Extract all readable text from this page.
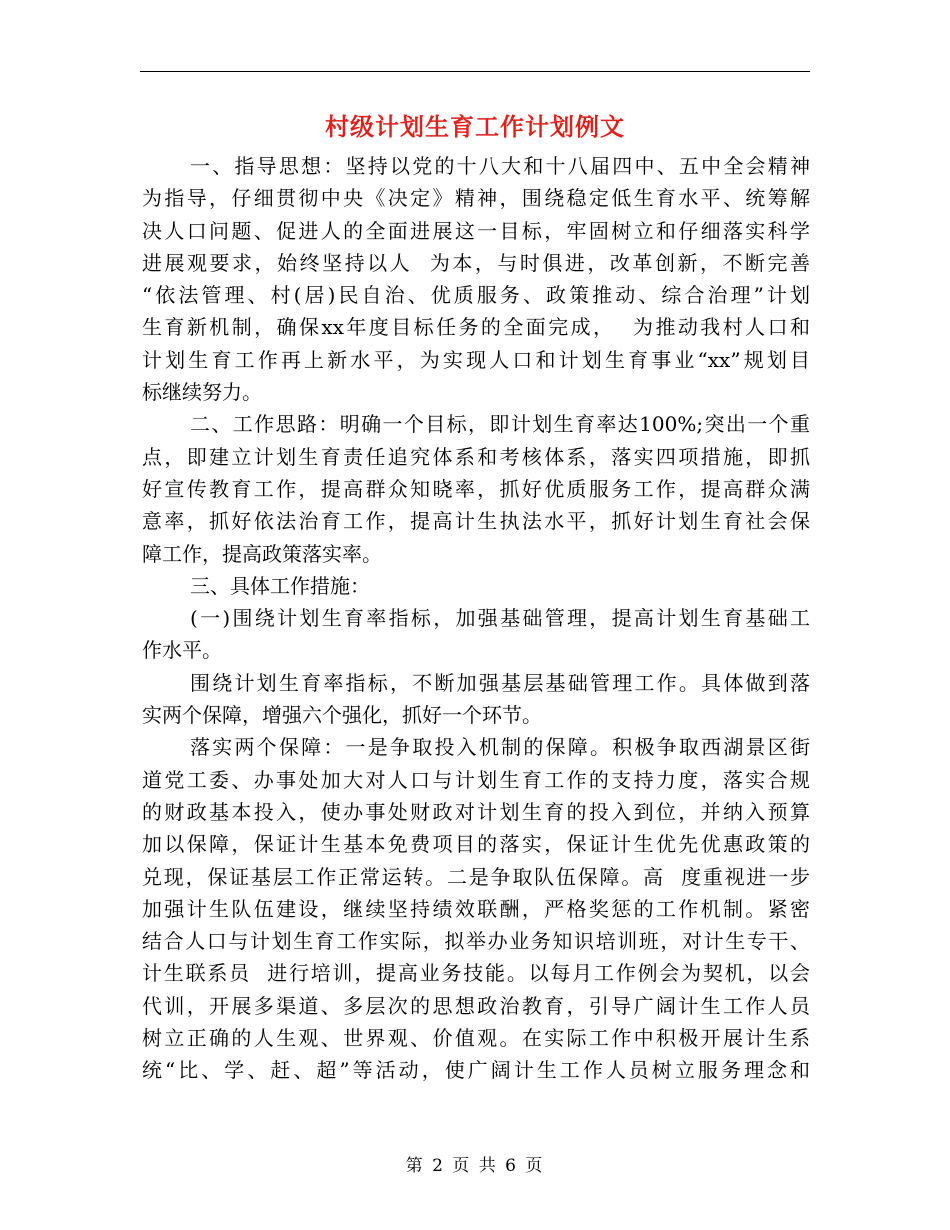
村级计划生育工作计划例文
一、指导思想：坚持以党的十八大和十八届四中、五中全会精神
为指导，仔细贯彻中央《决定》精神，围绕稳定低生育水平、统筹解
决人口问题、促进人的全面进展这一目标，牢固树立和仔细落实科学
进展观要求，始终坚持以人  为本，与时俱进，改革创新，不断完善
“依法管理、村(居)民自治、优质服务、政策推动、综合治理”计划
生育新机制，确保xx年度目标任务的全面完成，  为推动我村人口和
计划生育工作再上新水平，为实现人口和计划生育事业“xx”规划目
标继续努力。
二、工作思路：明确一个目标，即计划生育率达100%;突出一个重
点，即建立计划生育责任追究体系和考核体系，落实四项措施，即抓
好宣传教育工作，提高群众知晓率，抓好优质服务工作，提高群众满
意率，抓好依法治育工作，提高计生执法水平，抓好计划生育社会保
障工作，提高政策落实率。
三、具体工作措施：
(一)围绕计划生育率指标，加强基础管理，提高计划生育基础工
作水平。
围绕计划生育率指标，不断加强基层基础管理工作。具体做到落
实两个保障，增强六个强化，抓好一个环节。
落实两个保障：一是争取投入机制的保障。积极争取西湖景区街
道党工委、办事处加大对人口与计划生育工作的支持力度，落实合规
的财政基本投入，使办事处财政对计划生育的投入到位，并纳入预算
加以保障，保证计生基本免费项目的落实，保证计生优先优惠政策的
兑现，保证基层工作正常运转。二是争取队伍保障。高  度重视进一步
加强计生队伍建设，继续坚持绩效联酬，严格奖惩的工作机制。紧密
结合人口与计划生育工作实际，拟举办业务知识培训班，对计生专干、
计生联系员  进行培训，提高业务技能。以每月工作例会为契机，以会
代训，开展多渠道、多层次的思想政治教育，引导广阔计生工作人员
树立正确的人生观、世界观、价值观。在实际工作中积极开展计生系
统“比、学、赶、超”等活动，使广阔计生工作人员树立服务理念和
第 2 页 共 6 页
